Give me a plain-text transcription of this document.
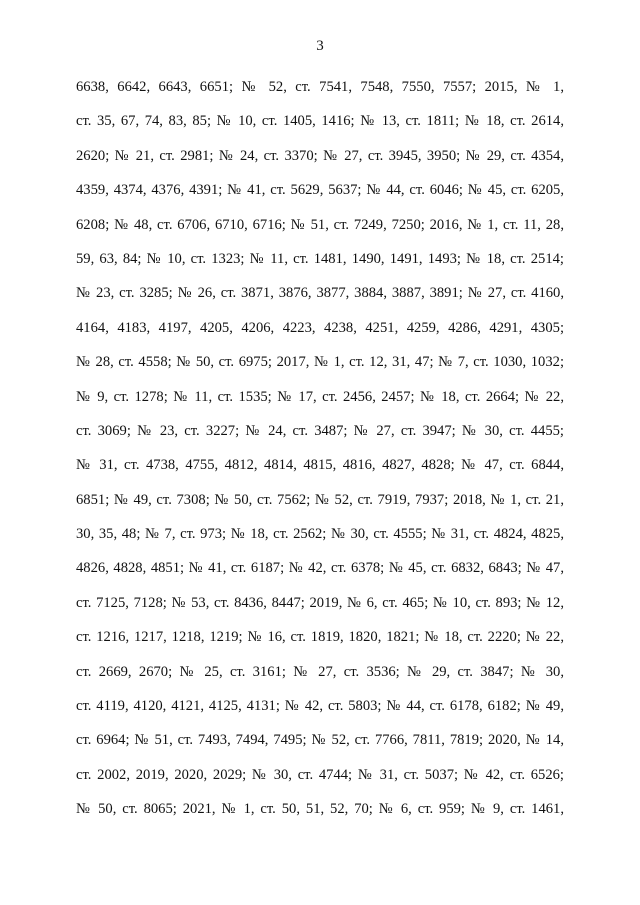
3
6638, 6642, 6643, 6651; № 52, ст. 7541, 7548, 7550, 7557; 2015, № 1,
ст. 35, 67, 74, 83, 85; № 10, ст. 1405, 1416; № 13, ст. 1811; № 18, ст. 2614,
2620; № 21, ст. 2981; № 24, ст. 3370; № 27, ст. 3945, 3950; № 29, ст. 4354,
4359, 4374, 4376, 4391; № 41, ст. 5629, 5637; № 44, ст. 6046; № 45, ст. 6205,
6208; № 48, ст. 6706, 6710, 6716; № 51, ст. 7249, 7250; 2016, № 1, ст. 11, 28,
59, 63, 84; № 10, ст. 1323; № 11, ст. 1481, 1490, 1491, 1493; № 18, ст. 2514;
№ 23, ст. 3285; № 26, ст. 3871, 3876, 3877, 3884, 3887, 3891; № 27, ст. 4160,
4164, 4183, 4197, 4205, 4206, 4223, 4238, 4251, 4259, 4286, 4291, 4305;
№ 28, ст. 4558; № 50, ст. 6975; 2017, № 1, ст. 12, 31, 47; № 7, ст. 1030, 1032;
№ 9, ст. 1278; № 11, ст. 1535; № 17, ст. 2456, 2457; № 18, ст. 2664; № 22,
ст. 3069; № 23, ст. 3227; № 24, ст. 3487; № 27, ст. 3947; № 30, ст. 4455;
№ 31, ст. 4738, 4755, 4812, 4814, 4815, 4816, 4827, 4828; № 47, ст. 6844,
6851; № 49, ст. 7308; № 50, ст. 7562; № 52, ст. 7919, 7937; 2018, № 1, ст. 21,
30, 35, 48; № 7, ст. 973; № 18, ст. 2562; № 30, ст. 4555; № 31, ст. 4824, 4825,
4826, 4828, 4851; № 41, ст. 6187; № 42, ст. 6378; № 45, ст. 6832, 6843; № 47,
ст. 7125, 7128; № 53, ст. 8436, 8447; 2019, № 6, ст. 465; № 10, ст. 893; № 12,
ст. 1216, 1217, 1218, 1219; № 16, ст. 1819, 1820, 1821; № 18, ст. 2220; № 22,
ст. 2669, 2670; № 25, ст. 3161; № 27, ст. 3536; № 29, ст. 3847; № 30,
ст. 4119, 4120, 4121, 4125, 4131; № 42, ст. 5803; № 44, ст. 6178, 6182; № 49,
ст. 6964; № 51, ст. 7493, 7494, 7495; № 52, ст. 7766, 7811, 7819; 2020, № 14,
ст. 2002, 2019, 2020, 2029; № 30, ст. 4744; № 31, ст. 5037; № 42, ст. 6526;
№ 50, ст. 8065; 2021, № 1, ст. 50, 51, 52, 70; № 6, ст. 959; № 9, ст. 1461,
